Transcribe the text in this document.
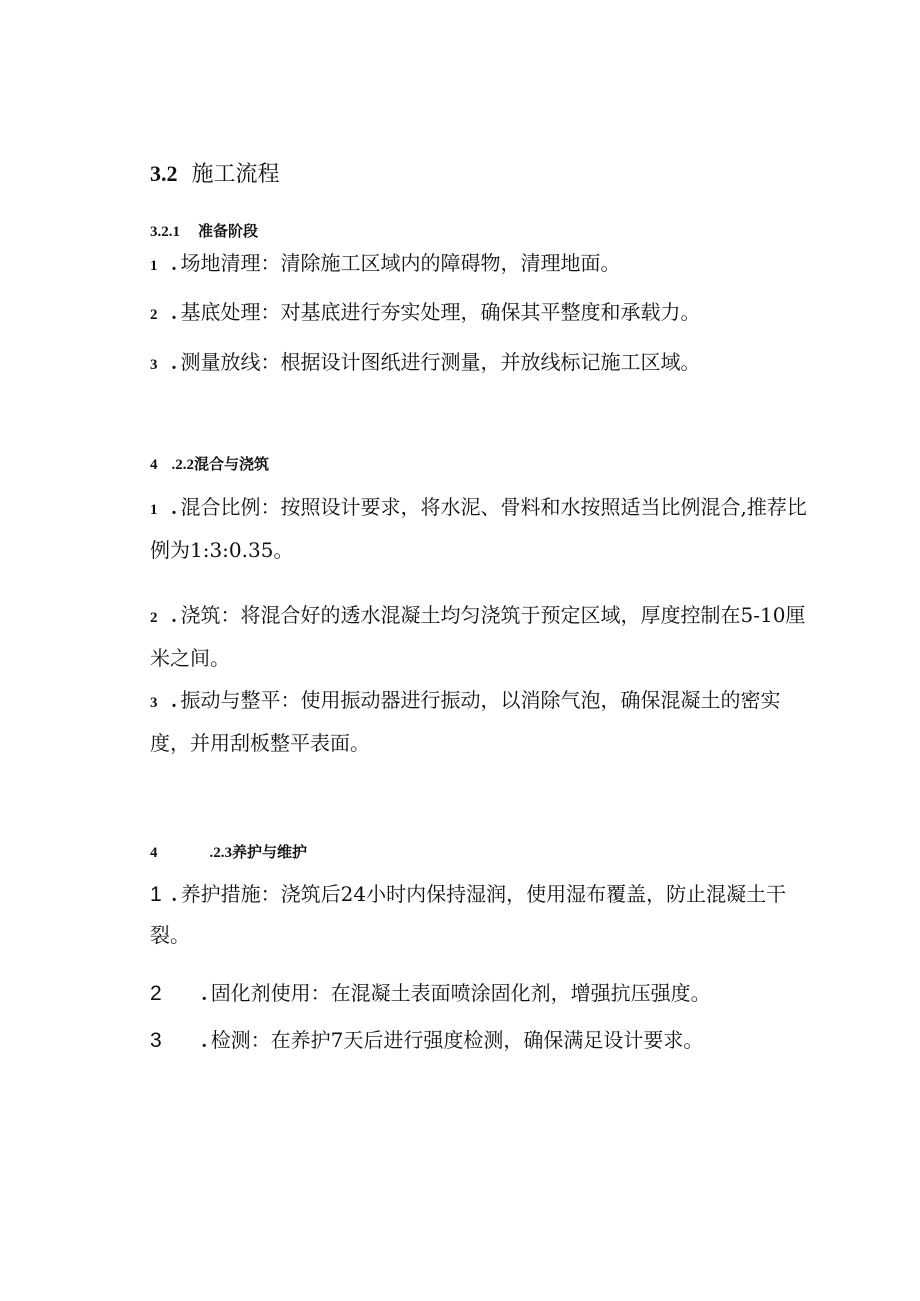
3.2 施工流程
3.2.1 准备阶段
1 . 场地清理：清除施工区域内的障碍物，清理地面。
2 . 基底处理：对基底进行夯实处理，确保其平整度和承载力。
3 . 测量放线：根据设计图纸进行测量，并放线标记施工区域。
4 .2.2混合与浇筑
1 . 混合比例：按照设计要求，将水泥、骨料和水按照适当比例混合,推荐比例为1:3:0.35。
2 . 浇筑：将混合好的透水混凝土均匀浇筑于预定区域，厚度控制在5-10厘米之间。
3 . 振动与整平：使用振动器进行振动，以消除气泡，确保混凝土的密实度，并用刮板整平表面。
4	.2.3养护与维护
1 . 养护措施：浇筑后24小时内保持湿润，使用湿布覆盖，防止混凝土干裂。
2 . 固化剂使用：在混凝土表面喷涂固化剂，增强抗压强度。
3 . 检测：在养护7天后进行强度检测，确保满足设计要求。
